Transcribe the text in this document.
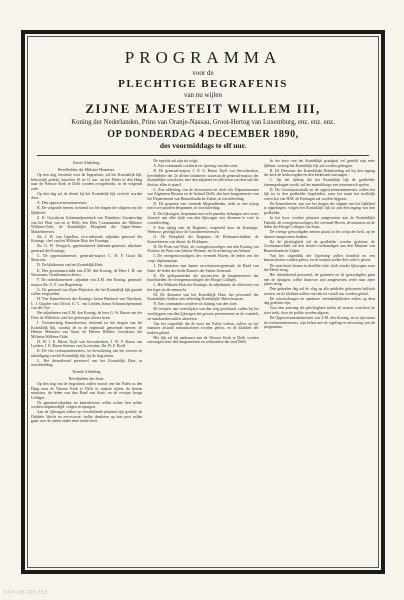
PROGRAMMA
voor de
PLECHTIGE BEGRAFENIS
van nu wijlen
ZIJNE MAJESTEIT WILLEM III,
Koning der Nederlanden, Prins van Oranje-Nassau, Groot-Hertog van Luxemburg, enz. enz. enz.
OP DONDERDAG 4 DECEMBER 1890,
des voormiddags te elf uur.

Eerste Afdeeling.

Bevelhebber der Militaire Honneurs.

Op den dag, bestemd voor de begrafenis, zal het Koninklijk lijk, behoorlijk gedekt, tusschen 10 en 11 uur, uit het Paleis in den Haag naar de Nieuwe Kerk te Delft worden overgebracht, in de volgende orde:

Op den dag zal de dienst bij het Koninklijk lijk verricht worden door:

A. Den opperceremoniemeester.

B. De volgende heeren, bestemd tot het dragen der slippen van het lijkkleed:

Z. K. Grootkruis Schimmelpenninck van Nijenhuis; Gezantschap van het Huis van en te Delft; den Heer Commandant der Militaire Willems-Orde; de Koninklijke Hoogheid der Opper-Staats-Mantelmeester.

Jhr. J. H. van Capellen, vice-admiraal, adjudant generaal des Konings, chef van het Militaire Huis des Konings.

Jhr. G. W. Verspyck, gepensioneerd luitenant-generaal, adjudant-generaal des Konings.

C. De opperstalmeester, generaal-majoor C. H. F. Graaf Du Monceau.

D. De lijkdienaar van het Koninklijk Huis.

E. Den grootmaarschalk van Z.M. den Koning, de Heer J. H. van Wassenaer, Gentleman in dienst.

F. De onderkamerheer, adjudant van Z.M. den Koning, generaal-majoor Jhr. G. F. van Hogendorp.

G. De generaal van Zijne Majesteit, die het Koninklijk lijk gaande zullen vergezellen.

H. Vier Kamerheeren des Konings: baron Bentinck van Nijenhuis, L. J. Quarles van Ufford, G. C. van Lynden, baron Schimmelpenninck van der Oye.

Het adjudanten van Z.M. den Koning, de heer G. W. Baron van der Does de Willebois, met het gestreepte zilvere kruis.

I. Vierentwintig Kamerheeren, bestemd tot het dragen van het Koninklijk lijk, waarbij de in de regenzaal genoemde heeren; de Heeren Ministers van Staat, de Heeren Ridders Grootkruis der Militaire Willems-Orde.

H. W. J. E. Baron Tuyll van Serooskerken, J. W. F. Baron van Lynden, J. E. Baron Sirtema van Grovestins, Jhr. W. F. Roell.

K. De vier ceremoniemeesters, tot bevordering van het vervoer en inhuldiging van het Koninklijk lijk, bij de begrafenis.

L. Het dienstdoend personeel van het Koninklijk Huis, in rouwkleeding.

Tweede Afdeeling.

Bevelhebber der Stoet.

Op den dag van de begrafenis zullen vooraf van het Paleis in den Haag naar de Nieuwe Kerk te Delft in staatsie rijden: de heeren ministers, de leden van den Raad van State, en de overige hooge Colleges.

De generaal-adjudant en kamerheeren welke achter hen zullen worden uitgenoodigd, volgen in rijtuigen.

Aan de lijkwagen zullen op verschillende plaatsen zijn gesteld: de Dubbele Wacht en eer-escorte, welke daarheen op hun post zullen gaan, met de vanen onder eene ronde stoet.

De optocht zal zijn als volgt:

A. Een commando cavalerie ter opening van den stoet.

B. De generaal-majoor J. N. A. Baron Tuyll van Serooskerken, bevelhebber der 2e divisie infanterie, waarvan de generaal-majoor der Koninklijke rouwkoets, met den adjudant en officieren van den staf der divisie, allen te paard.

C. Een afdeeling van de directeuren en chefs der Departementen van Algemeen Bestuur en de hofstad Delft; den heer burgemeester van het Departement van Binnenlandsche Zaken, in rouwkleeding.

D. De gezanten van vreemde Mogendheden, ieder in een rijtuig met twee paarden bespannen, in rouwkleeding.

E. De lijkwagen, bespannen met acht paarden, behangen met zwart fluweel; aan elke zijde van den lijkwagen vier dienaren te voet in rouwkleeding.

F. Een rijtuig met de Regentes, vergezeld door de Koningin-Weduwe, gevolgd door de Grootmeesteressen.

G. De Hoogheid der Regentes; de Hofmaarschalken; de Kamerheeren van dienst; de Hofdames.

H. De Prins van Wied, als vertegenwoordiger van den Koning van Pruisen; de Prins van Saksen-Weimar; de Groothertog van Saksen.

I. De vertegenwoordigers der vreemde Hoven; de leden van het corps diplomatique.

J. De ministers met hunne secretarissen-generaal; de Raad van State; de leden der beide Kamers der Staten-Generaal.

K. De gedeputeerden der provinciën; de burgemeesters der hoofdsteden; de vertegenwoordigers der Hooge Colleges.

L. Het Militaire Huis des Konings; de adjudanten; de officieren van het leger en de zeemacht.

M. De dienaren van het Koninklijk Huis; het personeel der Koninklijke Stallen; een afdeeling Koninklijke Marechaussee.

N. Een commando cavalerie tot sluiting van den stoet.

De troepen, aan weerszijden van den weg geschaard, zullen bij het voorbijgaan van den lijkwagen het geweer presenteeren en de vaandels en standaarden zullen salueeren.

Van het oogenblik dat de stoet het Paleis verlaat, zullen op vijf minuten afstand minuutschoten worden gelost, en de klokken der kerken geluid.

Het lijk zal bij aankomst aan de Nieuwe Kerk te Delft worden ontvangen door den burgemeester en wethouders der stad Delft.

In het koor van het Koninklijk praalgraf zal gesteld zijn eene lijkbaar, waarop het Koninklijk lijk zal worden gedragen.

B. De Directeur der Koninklijke Huishouding zal bij den ingang der kerk de kerkvoogden en den kerkeraad ontvangen.

C. Op het tijdstip dat het Koninklijk lijk de grafkelder binnengedragen wordt, zal het muziekkorps een treurmarsch spelen.

D. De Grootmaarschalk en de opperceremoniemeester zullen het lijk tot in den grafkelder begeleiden, waar het naast het stoffelijk overschot van H.M. de Koningin zal worden bijgezet.

De Kamerheeren, aan wie het dragen der slippen van het lijkkleed is opgedragen, volgen het Koninklijk lijk tot aan den ingang van den grafkelder.

In het koor worden plaatsen aangewezen aan de Koninklijke Familie, de vertegenwoordigers der vreemde Hoven, de ministers en de leden der Hooge Colleges van Staat.

De overige genoodigden nemen plaats in het schip der kerk, op de daartoe aangewezen banken.

Na de plechtigheid zal de grafkelder worden gesloten; de Grootmaarschalk zal den sleutel overhandigen aan den Minister van Binnenlandsche Zaken.

Van het oogenblik der bijzetting zullen honderd en een kanonschoten worden gelost, en de troepen zullen drie salvo's geven.

De stoet keert daarna in dezelfde orde, doch zonder lijkwagen, naar het Paleis terug.

Het dienstdoend personeel, de gezanten en de genoodigden gaan met de rijtuigen, welke daarvoor zijn aangewezen, ieder naar zijne plaats terug.

Den geheelen dag zal de vlag op alle publieke gebouwen halfstok waaien, en de klokken zullen van tien tot twaalf uur worden geluid.

De schouwburgen en openbare vermakelijkheden zullen op dien dag gesloten zijn.

Voor den aanvang der plechtigheid zullen de straten, waardoor de stoet trekt, door de politie worden afgezet.

De Opperceremoniemeester van Z.M. den Koning, en in zijn naam de ceremoniemeesters, zijn belast met de regeling en uitvoering van dit programma.

RP-P-OB-105.753
